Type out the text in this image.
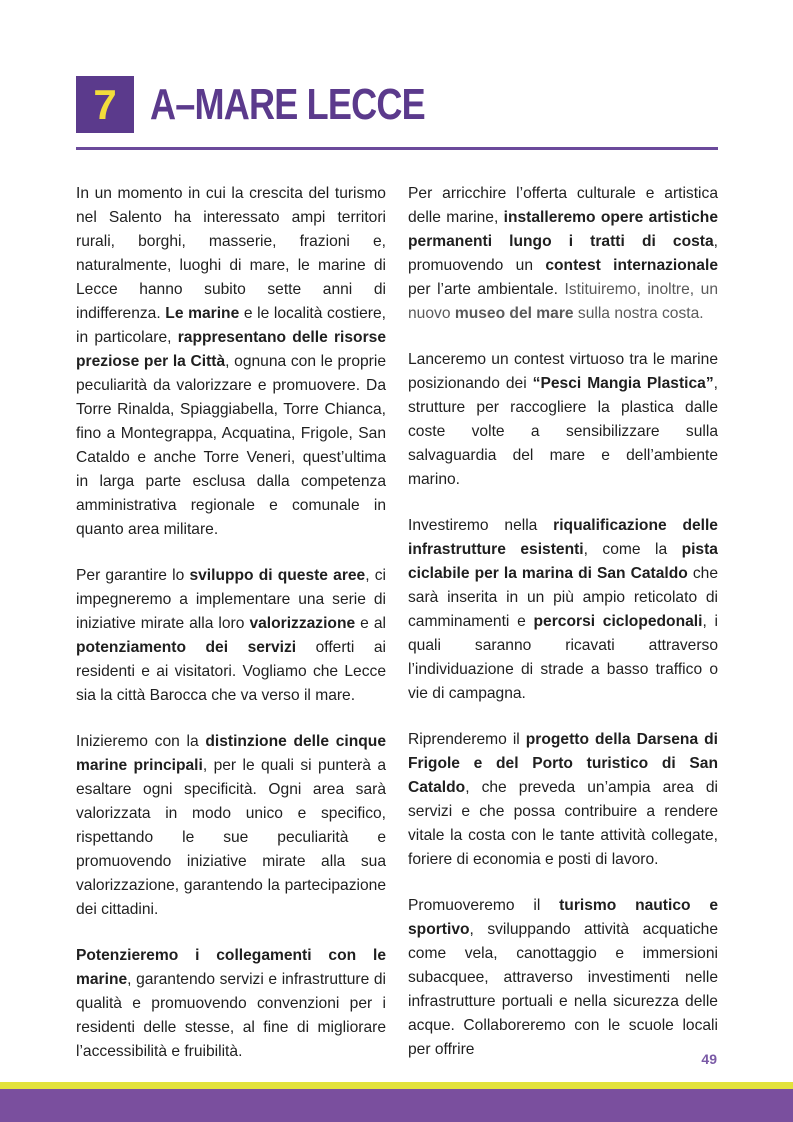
7 A–MARE LECCE

In un momento in cui la crescita del turismo nel Salento ha interessato ampi territori rurali, borghi, masserie, frazioni e, naturalmente, luoghi di mare, le marine di Lecce hanno subito sette anni di indifferenza. Le marine e le località costiere, in particolare, rappresentano delle risorse preziose per la Città, ognuna con le proprie peculiarità da valorizzare e promuovere. Da Torre Rinalda, Spiaggiabella, Torre Chianca, fino a Montegrappa, Acquatina, Frigole, San Cataldo e anche Torre Veneri, quest’ultima in larga parte esclusa dalla competenza amministrativa regionale e comunale in quanto area militare.

Per garantire lo sviluppo di queste aree, ci impegneremo a implementare una serie di iniziative mirate alla loro valorizzazione e al potenziamento dei servizi offerti ai residenti e ai visitatori. Vogliamo che Lecce sia la città Barocca che va verso il mare.

Inizieremo con la distinzione delle cinque marine principali, per le quali si punterà a esaltare ogni specificità. Ogni area sarà valorizzata in modo unico e specifico, rispettando le sue peculiarità e promuovendo iniziative mirate alla sua valorizzazione, garantendo la partecipazione dei cittadini.

Potenzieremo i collegamenti con le marine, garantendo servizi e infrastrutture di qualità e promuovendo convenzioni per i residenti delle stesse, al fine di migliorare l’accessibilità e fruibilità.

Per arricchire l’offerta culturale e artistica delle marine, installeremo opere artistiche permanenti lungo i tratti di costa, promuovendo un contest internazionale per l’arte ambientale. Istituiremo, inoltre, un nuovo museo del mare sulla nostra costa.

Lanceremo un contest virtuoso tra le marine posizionando dei “Pesci Mangia Plastica”, strutture per raccogliere la plastica dalle coste volte a sensibilizzare sulla salvaguardia del mare e dell’ambiente marino.

Investiremo nella riqualificazione delle infrastrutture esistenti, come la pista ciclabile per la marina di San Cataldo che sarà inserita in un più ampio reticolato di camminamenti e percorsi ciclopedonali, i quali saranno ricavati attraverso l’individuazione di strade a basso traffico o vie di campagna.

Riprenderemo il progetto della Darsena di Frigole e del Porto turistico di San Cataldo, che preveda un’ampia area di servizi e che possa contribuire a rendere vitale la costa con le tante attività collegate, foriere di economia e posti di lavoro.

Promuoveremo il turismo nautico e sportivo, sviluppando attività acquatiche come vela, canottaggio e immersioni subacquee, attraverso investimenti nelle infrastrutture portuali e nella sicurezza delle acque. Collaboreremo con le scuole locali per offrire

49
